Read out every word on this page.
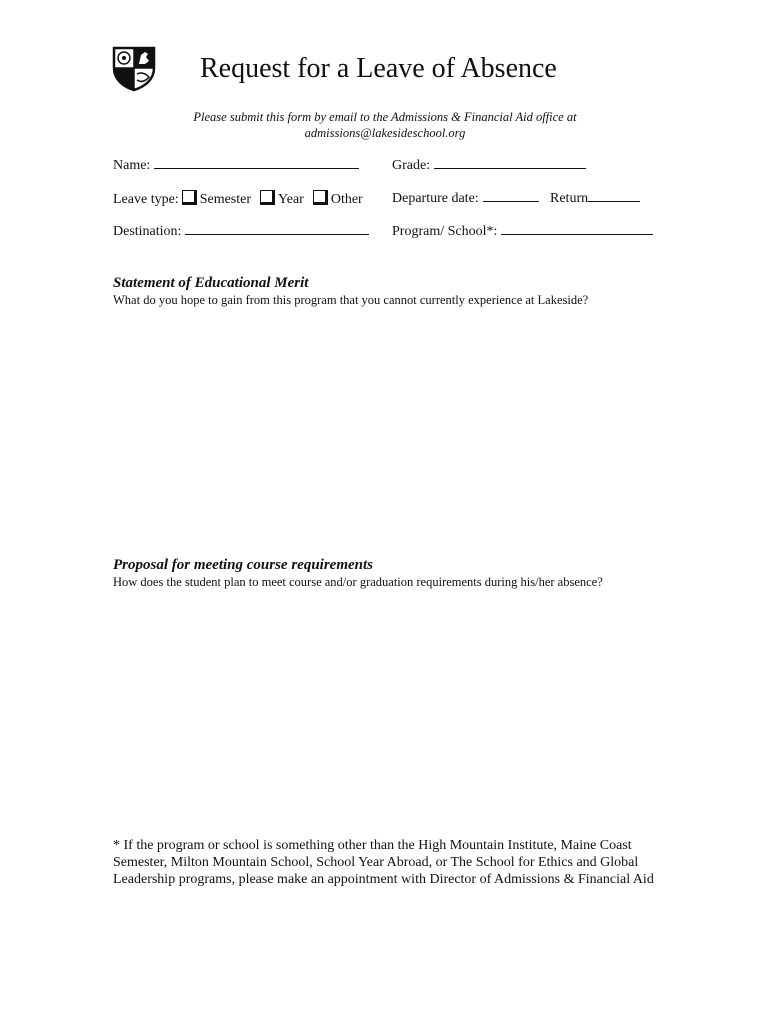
Request for a Leave of Absence
Please submit this form by email to the Admissions & Financial Aid office at
admissions@lakesideschool.org
Name:	Grade:
Leave type: Semester Year Other Departure date:	Return
Destination:	Program/ School*:
Statement of Educational Merit
What do you hope to gain from this program that you cannot currently experience at Lakeside?
Proposal for meeting course requirements
How does the student plan to meet course and/or graduation requirements during his/her absence?
* If the program or school is something other than the High Mountain Institute, Maine Coast Semester, Milton Mountain School, School Year Abroad, or The School for Ethics and Global Leadership programs, please make an appointment with Director of Admissions & Financial Aid
